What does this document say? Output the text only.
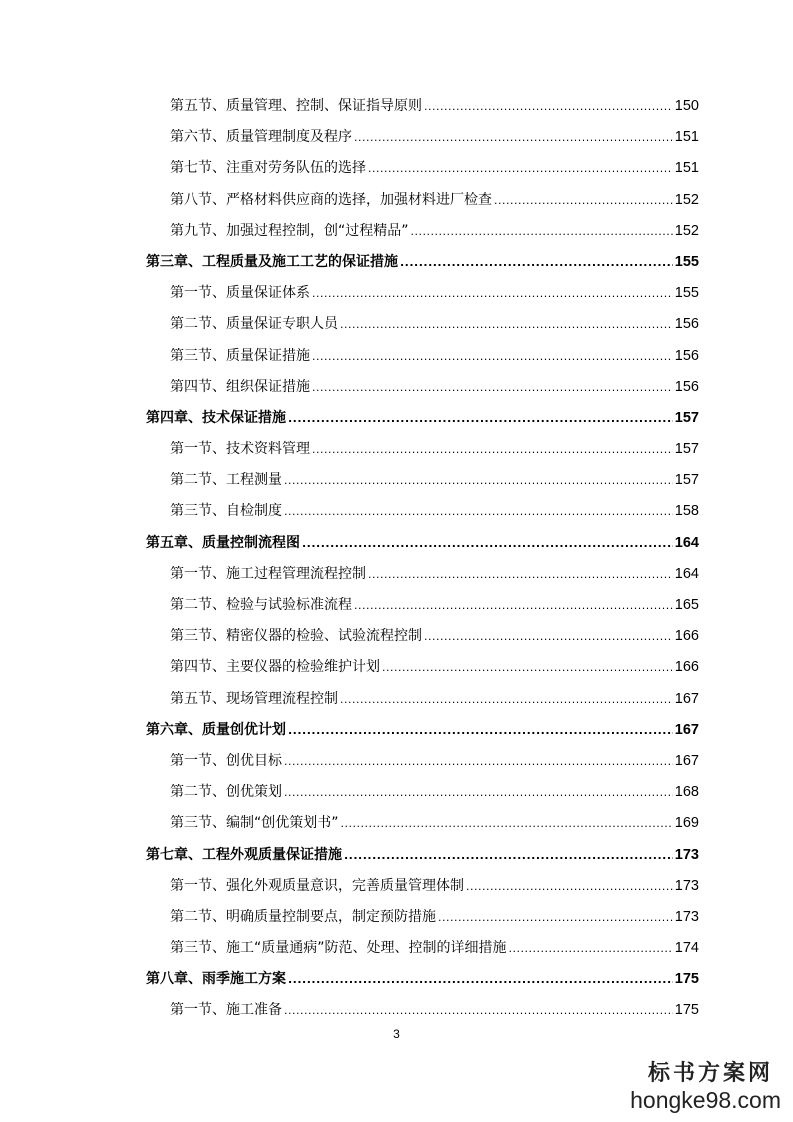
第五节、质量管理、控制、保证指导原则 .....	150
第六节、质量管理制度及程序 .....	151
第七节、注重对劳务队伍的选择 .....	151
第八节、严格材料供应商的选择，加强材料进厂检查 .....	152
第九节、加强过程控制，创“过程精品” .....	152
第三章、工程质量及施工工艺的保证措施 .....	155
第一节、质量保证体系 .....	155
第二节、质量保证专职人员 .....	156
第三节、质量保证措施 .....	156
第四节、组织保证措施 .....	156
第四章、技术保证措施 .....	157
第一节、技术资料管理 .....	157
第二节、工程测量 .....	157
第三节、自检制度 .....	158
第五章、质量控制流程图 .....	164
第一节、施工过程管理流程控制 .....	164
第二节、检验与试验标准流程 .....	165
第三节、精密仪器的检验、试验流程控制 .....	166
第四节、主要仪器的检验维护计划 .....	166
第五节、现场管理流程控制 .....	167
第六章、质量创优计划 .....	167
第一节、创优目标 .....	167
第二节、创优策划 .....	168
第三节、编制“创优策划书” .....	169
第七章、工程外观质量保证措施 .....	173
第一节、强化外观质量意识，完善质量管理体制 .....	173
第二节、明确质量控制要点，制定预防措施 .....	173
第三节、施工“质量通病”防范、处理、控制的详细措施 .....	174
第八章、雨季施工方案 .....	175
第一节、施工准备 .....	175
3
标书方案网
hongke98.com
